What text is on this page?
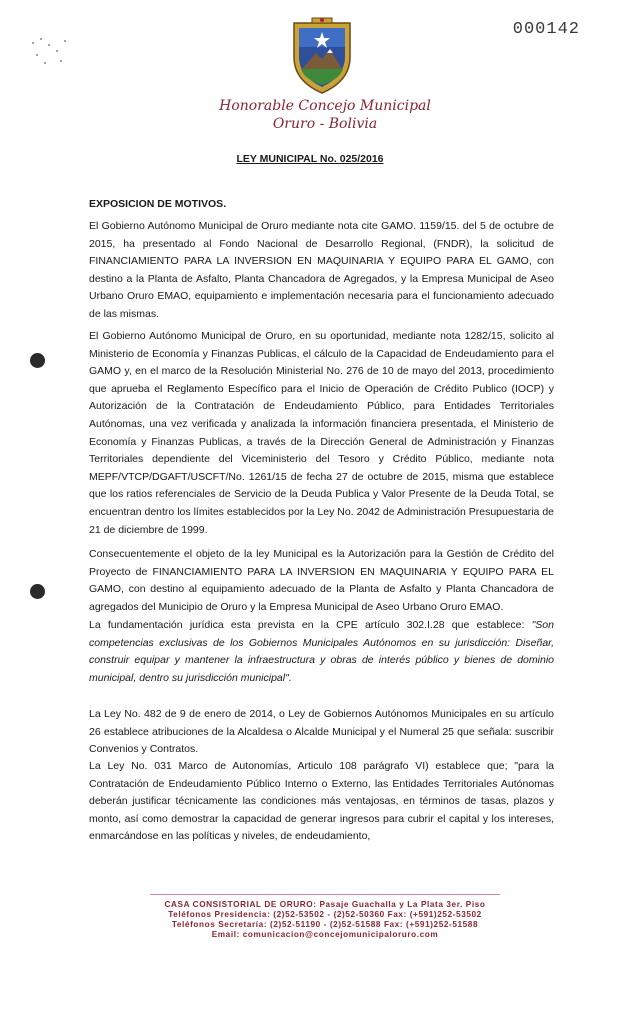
000142
Honorable Concejo Municipal
Oruro - Bolivia
LEY MUNICIPAL No. 025/2016
EXPOSICION DE MOTIVOS.

El Gobierno Autónomo Municipal de Oruro mediante nota cite GAMO. 1159/15. del 5 de octubre de 2015, ha presentado al Fondo Nacional de Desarrollo Regional, (FNDR), la solicitud de FINANCIAMIENTO PARA LA INVERSION EN MAQUINARIA Y EQUIPO PARA EL GAMO, con destino a la Planta de Asfalto, Planta Chancadora de Agregados, y la Empresa Municipal de Aseo Urbano Oruro EMAO, equipamiento e implementación necesaria para el funcionamiento adecuado de las mismas.

El Gobierno Autónomo Municipal de Oruro, en su oportunidad, mediante nota 1282/15, solicito al Ministerio de Economía y Finanzas Publicas, el cálculo de la Capacidad de Endeudamiento para el GAMO y, en el marco de la Resolución Ministerial No. 276 de 10 de mayo del 2013, procedimiento que aprueba el Reglamento Específico para el Inicio de Operación de Crédito Publico (IOCP) y Autorización de la Contratación de Endeudamiento Público, para Entidades Territoriales Autónomas, una vez verificada y analizada la información financiera presentada, el Ministerio de Economía y Finanzas Publicas, a través de la Dirección General de Administración y Finanzas Territoriales dependiente del Viceministerio del Tesoro y Crédito Público, mediante nota MEPF/VTCP/DGAFT/USCFT/No. 1261/15 de fecha 27 de octubre de 2015, misma que establece que los ratios referenciales de Servicio de la Deuda Publica y Valor Presente de la Deuda Total, se encuentran dentro los límites establecidos por la Ley No. 2042 de Administración Presupuestaria de 21 de diciembre de 1999.

Consecuentemente el objeto de la ley Municipal es la Autorización para la Gestión de Crédito del Proyecto de FINANCIAMIENTO PARA LA INVERSION EN MAQUINARIA Y EQUIPO PARA EL GAMO, con destino al equipamiento adecuado de la Planta de Asfalto y Planta Chancadora de agregados del Municipio de Oruro y la Empresa Municipal de Aseo Urbano Oruro EMAO.

La fundamentación jurídica esta prevista en la CPE artículo 302.I.28 que establece: "Son competencias exclusivas de los Gobiernos Municipales Autónomos en su jurisdicción: Diseñar, construir equipar y mantener la infraestructura y obras de interés público y bienes de dominio municipal, dentro su jurisdicción municipal".

La Ley No. 482 de 9 de enero de 2014, o Ley de Gobiernos Autónomos Municipales en su artículo 26 establece atribuciones de la Alcaldesa o Alcalde Municipal y el Numeral 25 que señala: suscribir Convenios y Contratos.

La Ley No. 031 Marco de Autonomías, Articulo 108 parágrafo VI) establece que; "para la Contratación de Endeudamiento Público Interno o Externo, las Entidades Territoriales Autónomas deberán justificar técnicamente las condiciones más ventajosas, en términos de tasas, plazos y monto, así como demostrar la capacidad de generar ingresos para cubrir el capital y los intereses, enmarcándose en las políticas y niveles, de endeudamiento,

CASA CONSISTORIAL DE ORURO: Pasaje Guachalla y La Plata 3er. Piso
Teléfonos Presidencia: (2)52-53502 - (2)52-50360 Fax: (+591)252-53502
Teléfonos Secretaría: (2)52-51190 - (2)52-51588 Fax: (+591)252-51588
Email: comunicacion@concejomunicipaloruro.com
